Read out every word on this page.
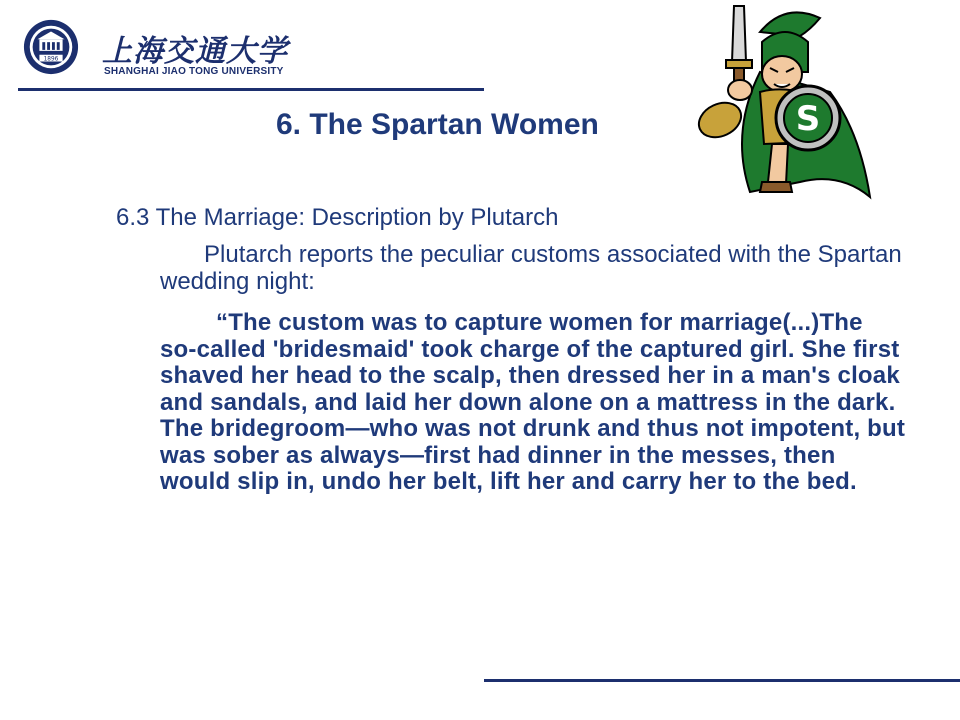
1896 上海交通大学
SHANGHAI JIAO TONG UNIVERSITY
S
6. The Spartan Women
6.3 The Marriage: Description by Plutarch
Plutarch reports the peculiar customs associated with the Spartan wedding night:
“The custom was to capture women for marriage(...)The so-called 'bridesmaid' took charge of the captured girl. She first shaved her head to the scalp, then dressed her in a man's cloak and sandals, and laid her down alone on a mattress in the dark. The bridegroom—who was not drunk and thus not impotent, but was sober as always—first had dinner in the messes, then would slip in, undo her belt, lift her and carry her to the bed.
